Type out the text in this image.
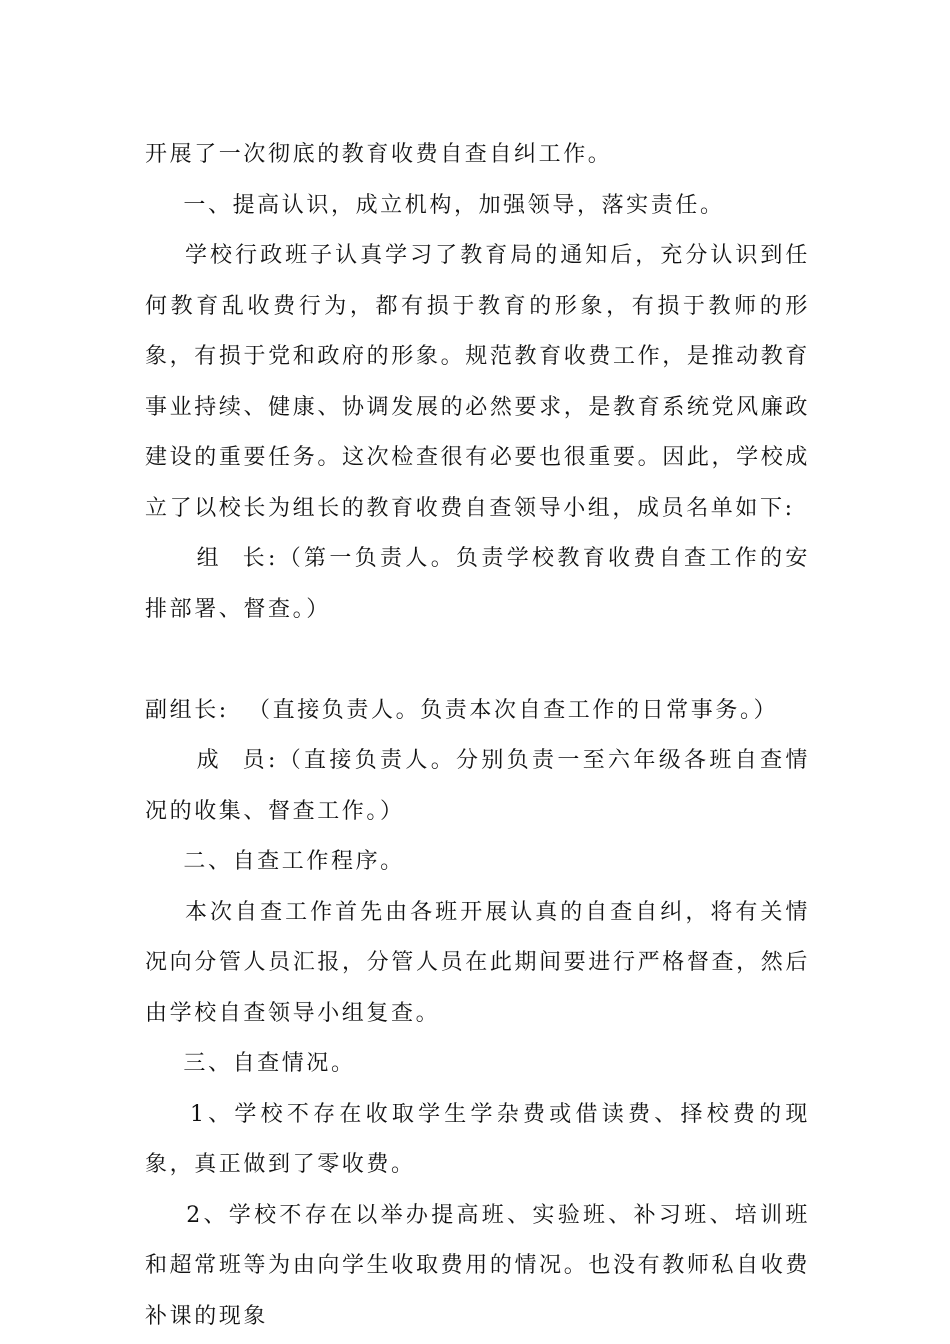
开展了一次彻底的教育收费自查自纠工作。

一、提高认识，成立机构，加强领导，落实责任。

学校行政班子认真学习了教育局的通知后，充分认识到任何教育乱收费行为，都有损于教育的形象，有损于教师的形象，有损于党和政府的形象。规范教育收费工作，是推动教育事业持续、健康、协调发展的必然要求，是教育系统党风廉政建设的重要任务。这次检查很有必要也很重要。因此，学校成立了以校长为组长的教育收费自查领导小组，成员名单如下:

组  长:（第一负责人。负责学校教育收费自查工作的安排部署、督查。）

副组长:  （直接负责人。负责本次自查工作的日常事务。）

成  员:（直接负责人。分别负责一至六年级各班自查情况的收集、督查工作。）

二、自查工作程序。

本次自查工作首先由各班开展认真的自查自纠，将有关情况向分管人员汇报，分管人员在此期间要进行严格督查，然后由学校自查领导小组复查。

三、自查情况。

1、学校不存在收取学生学杂费或借读费、择校费的现象，真正做到了零收费。

2、学校不存在以举办提高班、实验班、补习班、培训班和超常班等为由向学生收取费用的情况。也没有教师私自收费补课的现象
